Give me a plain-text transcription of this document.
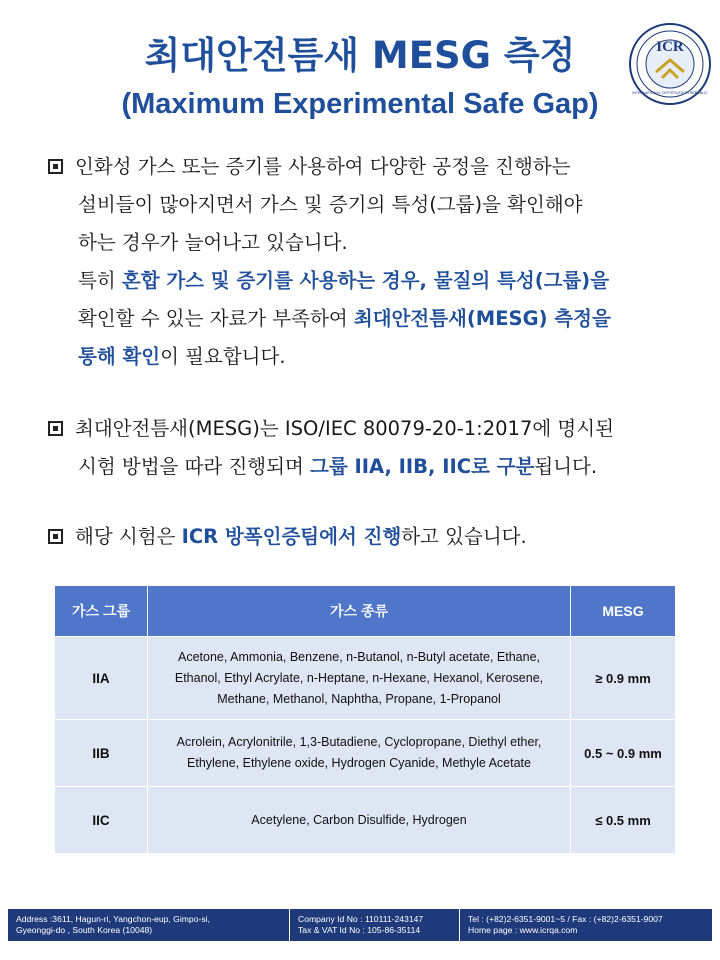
최대안전틈새 MESG 측정
(Maximum Experimental Safe Gap)
ICR
INTERNATIONAL CERTIFICATION REPUBLIC
인화성 가스 또는 증기를 사용하여 다양한 공정을 진행하는
설비들이 많아지면서 가스 및 증기의 특성(그룹)을 확인해야
하는 경우가 늘어나고 있습니다.
특히 혼합 가스 및 증기를 사용하는 경우, 물질의 특성(그룹)을
확인할 수 있는 자료가 부족하여 최대안전틈새(MESG) 측정을
통해 확인이 필요합니다.
최대안전틈새(MESG)는 ISO/IEC 80079-20-1:2017에 명시된
시험 방법을 따라 진행되며 그룹 IIA, IIB, IIC로 구분됩니다.
해당 시험은 ICR 방폭인증팀에서 진행하고 있습니다.
가스 그룹	가스 종류	MESG
IIA	Acetone, Ammonia, Benzene, n-Butanol, n-Butyl acetate, Ethane,
Ethanol, Ethyl Acrylate, n-Heptane, n-Hexane, Hexanol, Kerosene,
Methane, Methanol, Naphtha, Propane, 1-Propanol	≥ 0.9 mm
IIB	Acrolein, Acrylonitrile, 1,3-Butadiene, Cyclopropane, Diethyl ether,
Ethylene, Ethylene oxide, Hydrogen Cyanide, Methyle Acetate	0.5 ~ 0.9 mm
IIC	Acetylene, Carbon Disulfide, Hydrogen	≤ 0.5 mm
Address :3611, Hagun-ri, Yangchon-eup, Gimpo-si,
Gyeonggi-do , South Korea (10048)
Company Id No : 110111-243147
Tax & VAT Id No : 105-86-35114
Tel : (+82)2-6351-9001~5 / Fax : (+82)2-6351-9007
Home page : www.icrqa.com
